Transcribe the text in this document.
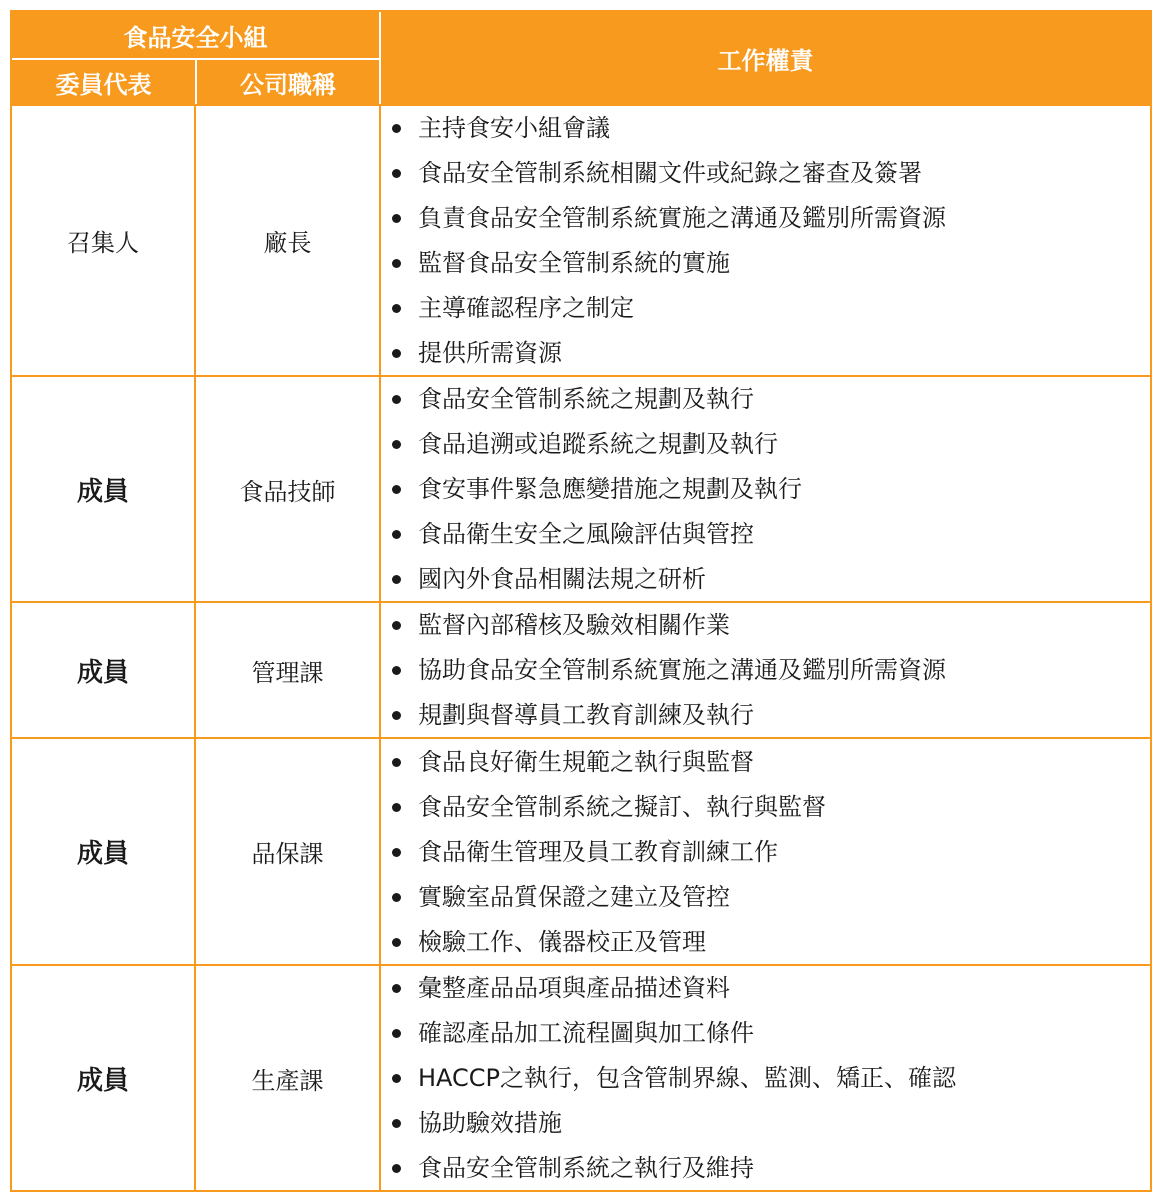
食品安全小組
委員代表	公司職稱
工作權責
召集人	廠長
主持食安小組會議
食品安全管制系統相關文件或紀錄之審查及簽署
負責食品安全管制系統實施之溝通及鑑別所需資源
監督食品安全管制系統的實施
主導確認程序之制定
提供所需資源
成員	食品技師
食品安全管制系統之規劃及執行
食品追溯或追蹤系統之規劃及執行
食安事件緊急應變措施之規劃及執行
食品衛生安全之風險評估與管控
國內外食品相關法規之研析
成員	管理課
監督內部稽核及驗效相關作業
協助食品安全管制系統實施之溝通及鑑別所需資源
規劃與督導員工教育訓練及執行
成員	品保課
食品良好衛生規範之執行與監督
食品安全管制系統之擬訂、執行與監督
食品衛生管理及員工教育訓練工作
實驗室品質保證之建立及管控
檢驗工作、儀器校正及管理
成員	生產課
彙整產品品項與產品描述資料
確認產品加工流程圖與加工條件
HACCP之執行，包含管制界線、監測、矯正、確認
協助驗效措施
食品安全管制系統之執行及維持
